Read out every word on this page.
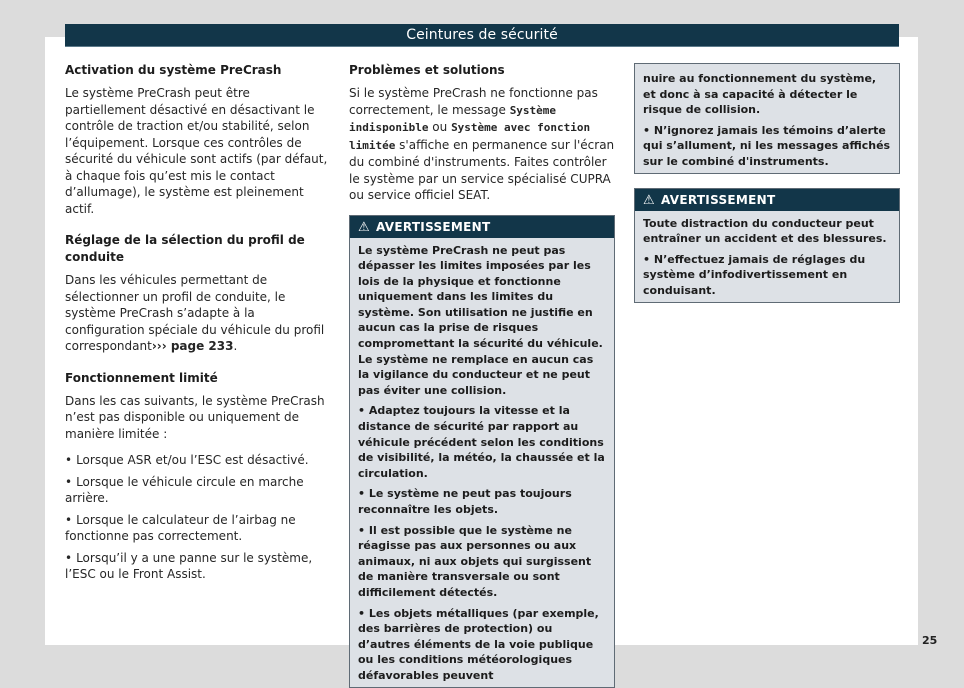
Ceintures de sécurité
Activation du système PreCrash

Le système PreCrash peut être partiellement désactivé en désactivant le contrôle de traction et/ou stabilité, selon l’équipement. Lorsque ces contrôles de sécurité du véhicule sont actifs (par défaut, à chaque fois qu’est mis le contact d’allumage), le système est pleinement actif.

Réglage de la sélection du profil de conduite

Dans les véhicules permettant de sélectionner un profil de conduite, le système PreCrash s’adapte à la configuration spéciale du véhicule du profil correspondant››› page 233.

Fonctionnement limité

Dans les cas suivants, le système PreCrash n’est pas disponible ou uniquement de manière limitée :

• Lorsque ASR et/ou l’ESC est désactivé.

• Lorsque le véhicule circule en marche arrière.

• Lorsque le calculateur de l’airbag ne fonctionne pas correctement.

• Lorsqu’il y a une panne sur le système, l’ESC ou le Front Assist.

Problèmes et solutions

Si le système PreCrash ne fonctionne pas correctement, le message Système indisponible ou Système avec fonction limitée s'affiche en permanence sur l'écran du combiné d'instruments. Faites contrôler le système par un service spécialisé CUPRA ou service officiel SEAT.

⚠ AVERTISSEMENT

Le système PreCrash ne peut pas dépasser les limites imposées par les lois de la physique et fonctionne uniquement dans les limites du système. Son utilisation ne justifie en aucun cas la prise de risques compromettant la sécurité du véhicule. Le système ne remplace en aucun cas la vigilance du conducteur et ne peut pas éviter une collision.

• Adaptez toujours la vitesse et la distance de sécurité par rapport au véhicule précédent selon les conditions de visibilité, la météo, la chaussée et la circulation.

• Le système ne peut pas toujours reconnaître les objets.

• Il est possible que le système ne réagisse pas aux personnes ou aux animaux, ni aux objets qui surgissent de manière transversale ou sont difficilement détectés.

• Les objets métalliques (par exemple, des barrières de protection) ou d’autres éléments de la voie publique ou les conditions météorologiques défavorables peuvent

nuire au fonctionnement du système, et donc à sa capacité à détecter le risque de collision.

• N’ignorez jamais les témoins d’alerte qui s’allument, ni les messages affichés sur le combiné d'instruments.

⚠ AVERTISSEMENT

Toute distraction du conducteur peut entraîner un accident et des blessures.

• N’effectuez jamais de réglages du système d’infodivertissement en conduisant.

25
